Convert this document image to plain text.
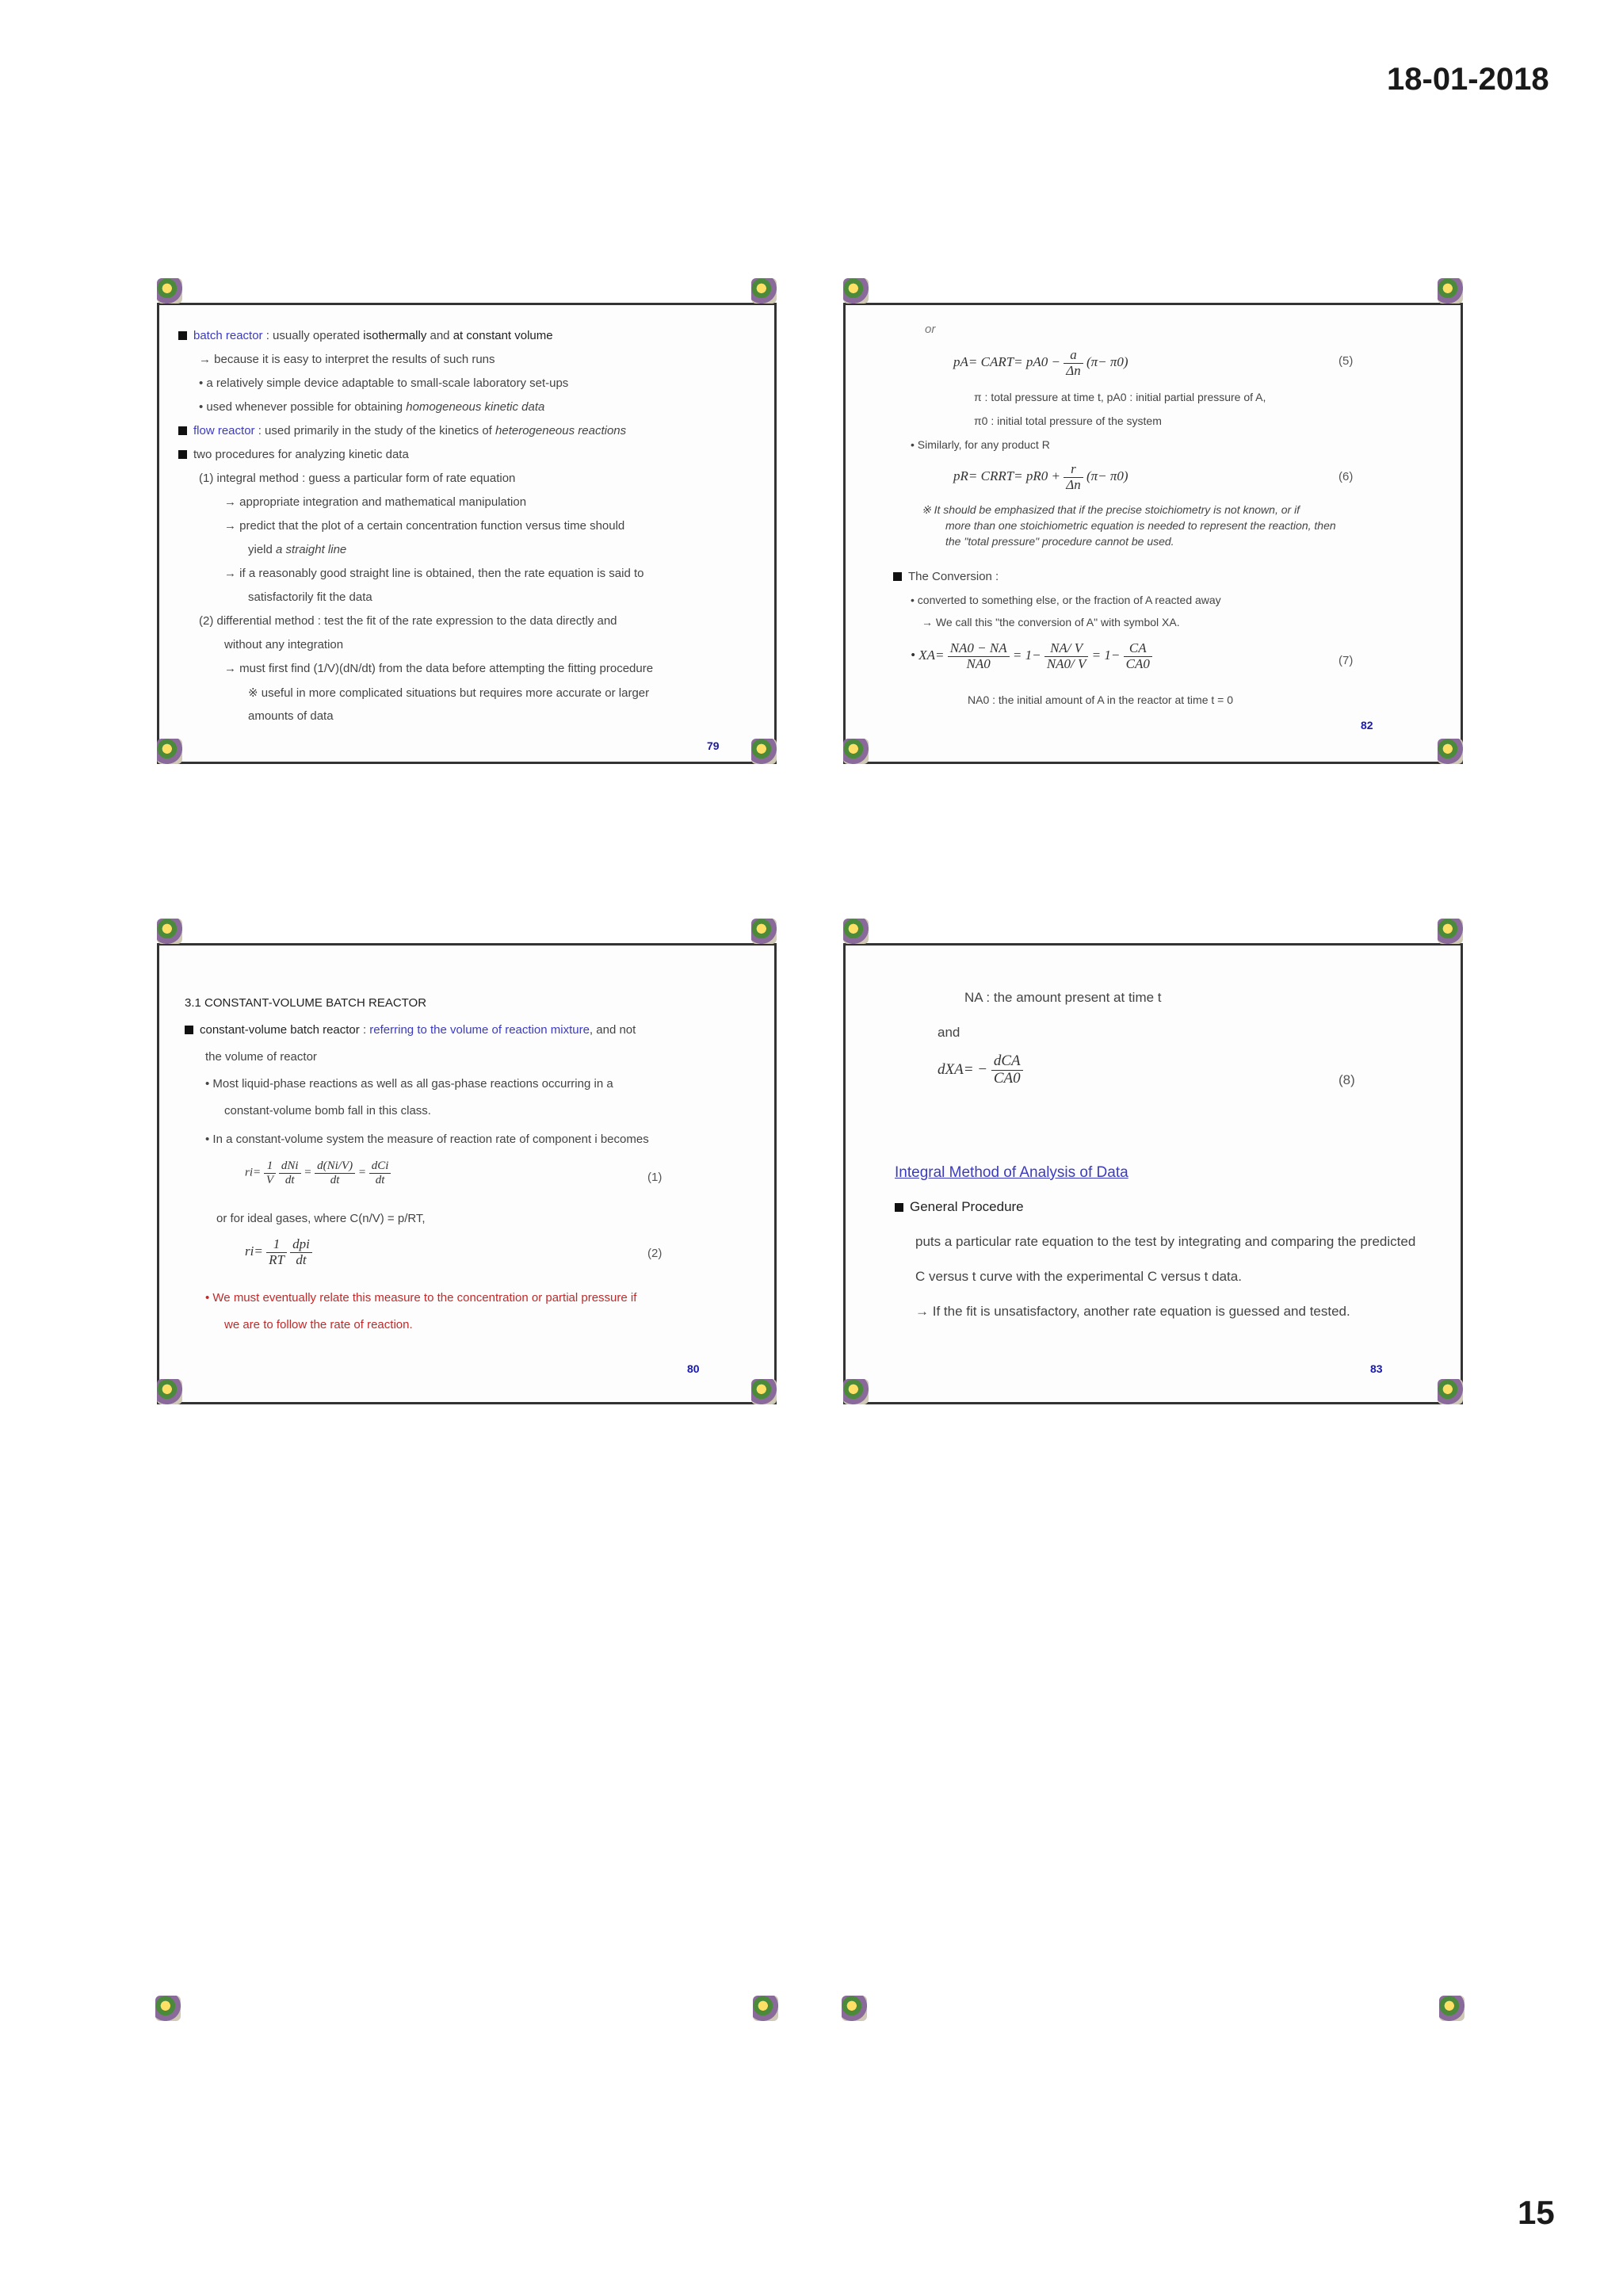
18-01-2018
batch reactor : usually operated isothermally and at constant volume
→ because it is easy to interpret the results of such runs
• a relatively simple device adaptable to small-scale laboratory set-ups
• used whenever possible for obtaining homogeneous kinetic data
flow reactor : used primarily in the study of the kinetics of heterogeneous reactions
two procedures for analyzing kinetic data
(1) integral method : guess a particular form of rate equation
→ appropriate integration and mathematical manipulation
→ predict that the plot of a certain concentration function versus time should
yield a straight line
→ if a reasonably good straight line is obtained, then the rate equation is said to
satisfactorily fit the data
(2) differential method : test the fit of the rate expression to the data directly and
without any integration
→ must first find (1/V)(dN/dt) from the data before attempting the fitting procedure
※ useful in more complicated situations but requires more accurate or larger
amounts of data
79
or
pA= CART= $pA0 - \frac{a}{\Delta n} (\pi- \pi 0)$	(5)
π : total pressure at time t, pA0 : initial partial pressure of A,
π0 : initial total pressure of the system
• Similarly, for any product R
pR= CRRT= $pR0 + \frac{r}{\Delta n} (\pi- \pi 0)$	(6)
※ It should be emphasized that if the precise stoichiometry is not known, or if
more than one stoichiometric equation is needed to represent the reaction, then
the "total pressure" procedure cannot be used.
The Conversion :
• converted to something else, or the fraction of A reacted away
→ We call this "the conversion of A" with symbol XA.
• $XA= \frac{NA0 - NA}{NA0} = 1- \frac{NA/ V}{NA0/ V} = 1- \frac{CA}{CA0}$	(7)
NA0 : the initial amount of A in the reactor at time t = 0
82
3.1 CONSTANT-VOLUME BATCH REACTOR
constant-volume batch reactor : referring to the volume of reaction mixture, and not
the volume of reactor
• Most liquid-phase reactions as well as all gas-phase reactions occurring in a
constant-volume bomb fall in this class.
• In a constant-volume system the measure of reaction rate of component i becomes
$ri= \frac{1}{V}$
$\frac{\text{dNi}}{dt} = \frac{d(Ni/V)}{dt} = \frac{\text{dCi}}{dt}$	(1)
or for ideal gases, where C(n/V) = p/RT,
$ri= \frac{1}{RT}$
$\frac{\text{dpi}}{dt}$	(2)
• We must eventually relate this measure to the concentration or partial pressure if
we are to follow the rate of reaction.
80
NA : the amount present at time t
and
$dXA= - \frac{\text{dCA}}{CA0}$	(8)
Integral Method of Analysis of Data
General Procedure
puts a particular rate equation to the test by integrating and comparing the predicted
C versus t curve with the experimental C versus t data.
→ If the fit is unsatisfactory, another rate equation is guessed and tested.
83
15
